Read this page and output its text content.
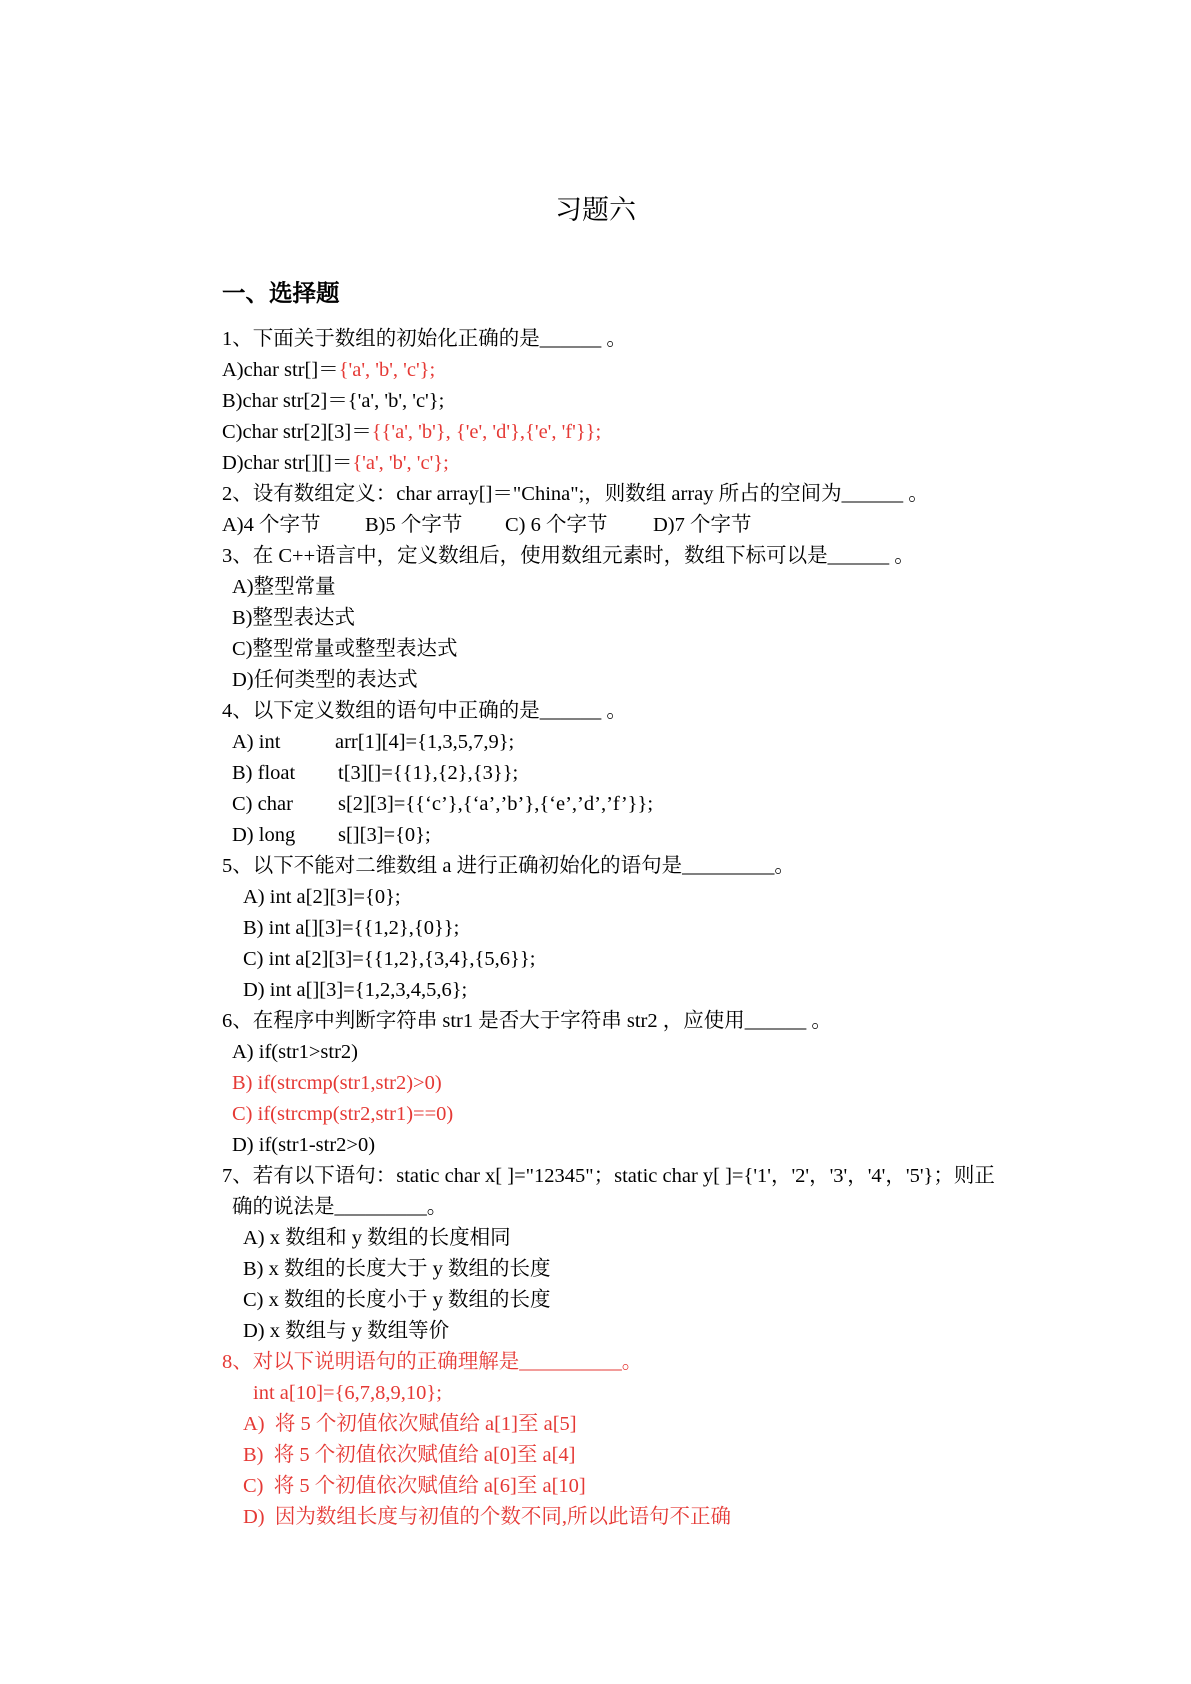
习题六
一、选择题
1、下面关于数组的初始化正确的是______ 。
A)char str[]＝{'a', 'b', 'c'};
B)char str[2]＝{'a', 'b', 'c'};
C)char str[2][3]＝{{'a', 'b'}, {'e', 'd'},{'e', 'f'}};
D)char str[][]＝{'a', 'b', 'c'};
2、设有数组定义：char array[]＝"China";，则数组 array 所占的空间为______ 。
A)4 个字节 B)5 个字节 C) 6 个字节 D)7 个字节
3、在 C++语言中，定义数组后，使用数组元素时，数组下标可以是______ 。
A)整型常量
B)整型表达式
C)整型常量或整型表达式
D)任何类型的表达式
4、以下定义数组的语句中正确的是______ 。
A) int	arr[1][4]={1,3,5,7,9};
B) float t[3][]={{1},{2},{3}};
C) char s[2][3]={{‘c’},{‘a’,’b’},{‘e’,’d’,’f’}};
D) long s[][3]={0};
5、以下不能对二维数组 a 进行正确初始化的语句是_________。
A) int a[2][3]={0};
B) int a[][3]={{1,2},{0}};
C) int a[2][3]={{1,2},{3,4},{5,6}};
D) int a[][3]={1,2,3,4,5,6};
6、在程序中判断字符串 str1 是否大于字符串 str2 ，应使用______ 。
A) if(str1>str2)
B) if(strcmp(str1,str2)>0)
C) if(strcmp(str2,str1)==0)
D) if(str1-str2>0)
7、若有以下语句：static char x[ ]="12345"；static char y[ ]={'1'，'2'，'3'，'4'，'5'}；则正
确的说法是_________。
A) x 数组和 y 数组的长度相同
B) x 数组的长度大于 y 数组的长度
C) x 数组的长度小于 y 数组的长度
D) x 数组与 y 数组等价
8、对以下说明语句的正确理解是__________。
int a[10]={6,7,8,9,10};
A)  将 5 个初值依次赋值给 a[1]至 a[5]
B)  将 5 个初值依次赋值给 a[0]至 a[4]
C)  将 5 个初值依次赋值给 a[6]至 a[10]
D)  因为数组长度与初值的个数不同,所以此语句不正确
